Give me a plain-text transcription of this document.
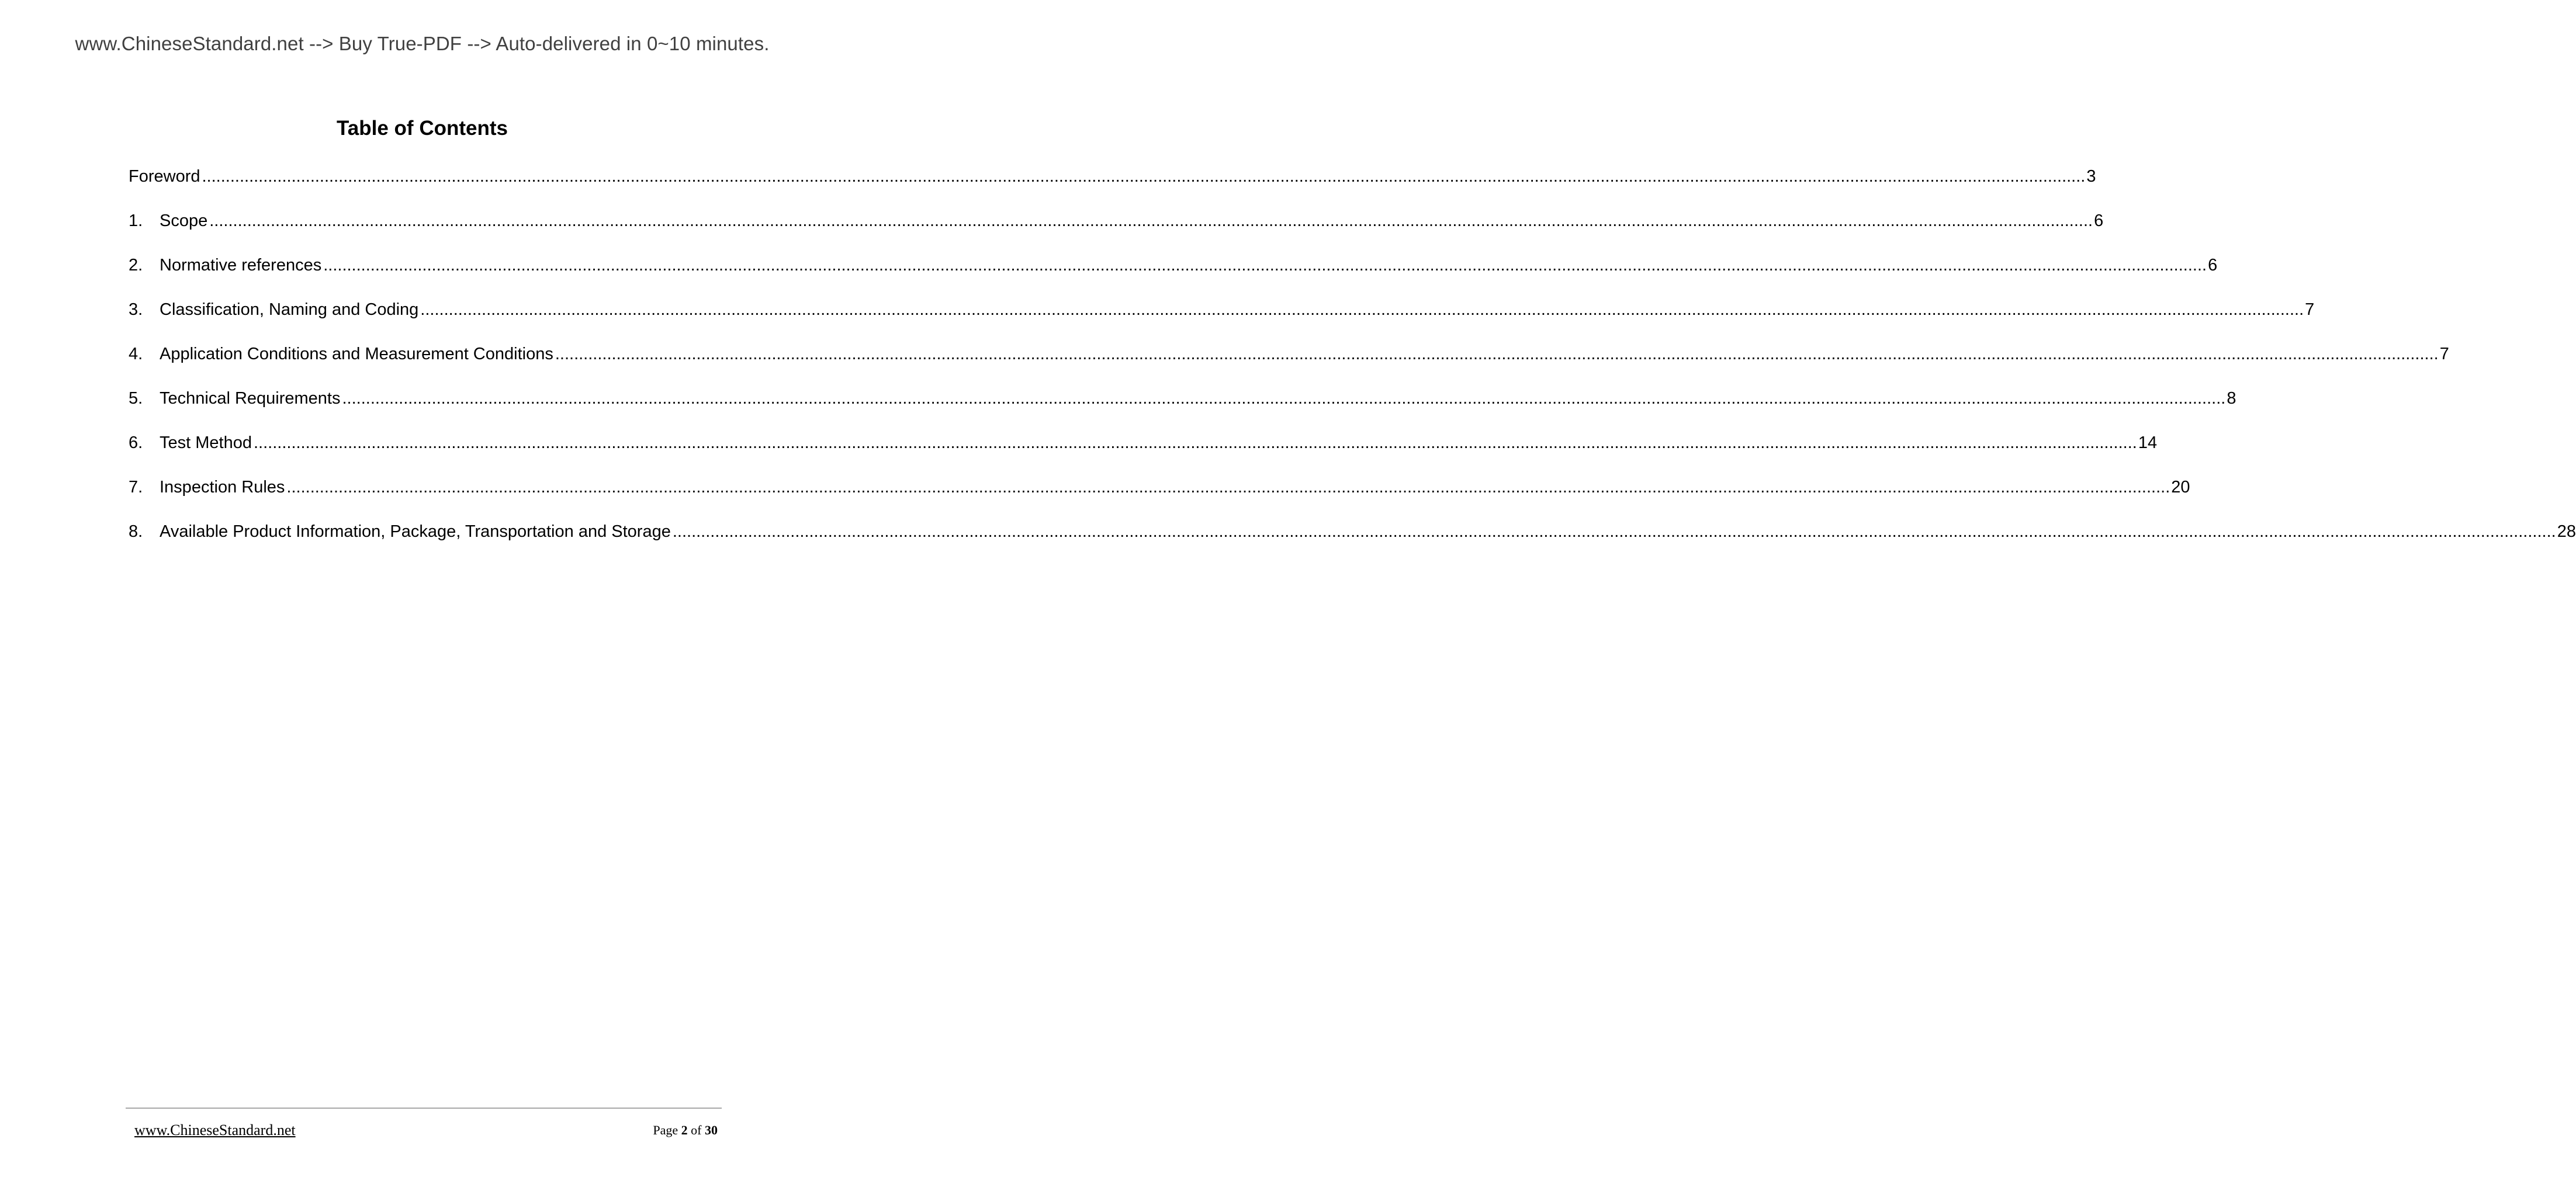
www.ChineseStandard.net --> Buy True-PDF --> Auto-delivered in 0~10 minutes.
Table of Contents
Foreword ................................................................................................................................................................................................................................................................................................................................................................................................................ 3
1. Scope ................................................................................................................................................................................................................................................................................................................................................................................................................ 6
2. Normative references ................................................................................................................................................................................................................................................................................................................................................................................................................ 6
3. Classification, Naming and Coding ................................................................................................................................................................................................................................................................................................................................................................................................................ 7
4. Application Conditions and Measurement Conditions ................................................................................................................................................................................................................................................................................................................................................................................................................ 7
5. Technical Requirements ................................................................................................................................................................................................................................................................................................................................................................................................................ 8
6. Test Method ................................................................................................................................................................................................................................................................................................................................................................................................................ 14
7. Inspection Rules ................................................................................................................................................................................................................................................................................................................................................................................................................ 20
8. Available Product Information, Package, Transportation and Storage ................................................................................................................................................................................................................................................................................................................................................................................................................ 28
www.ChineseStandard.net	Page 2 of 30
